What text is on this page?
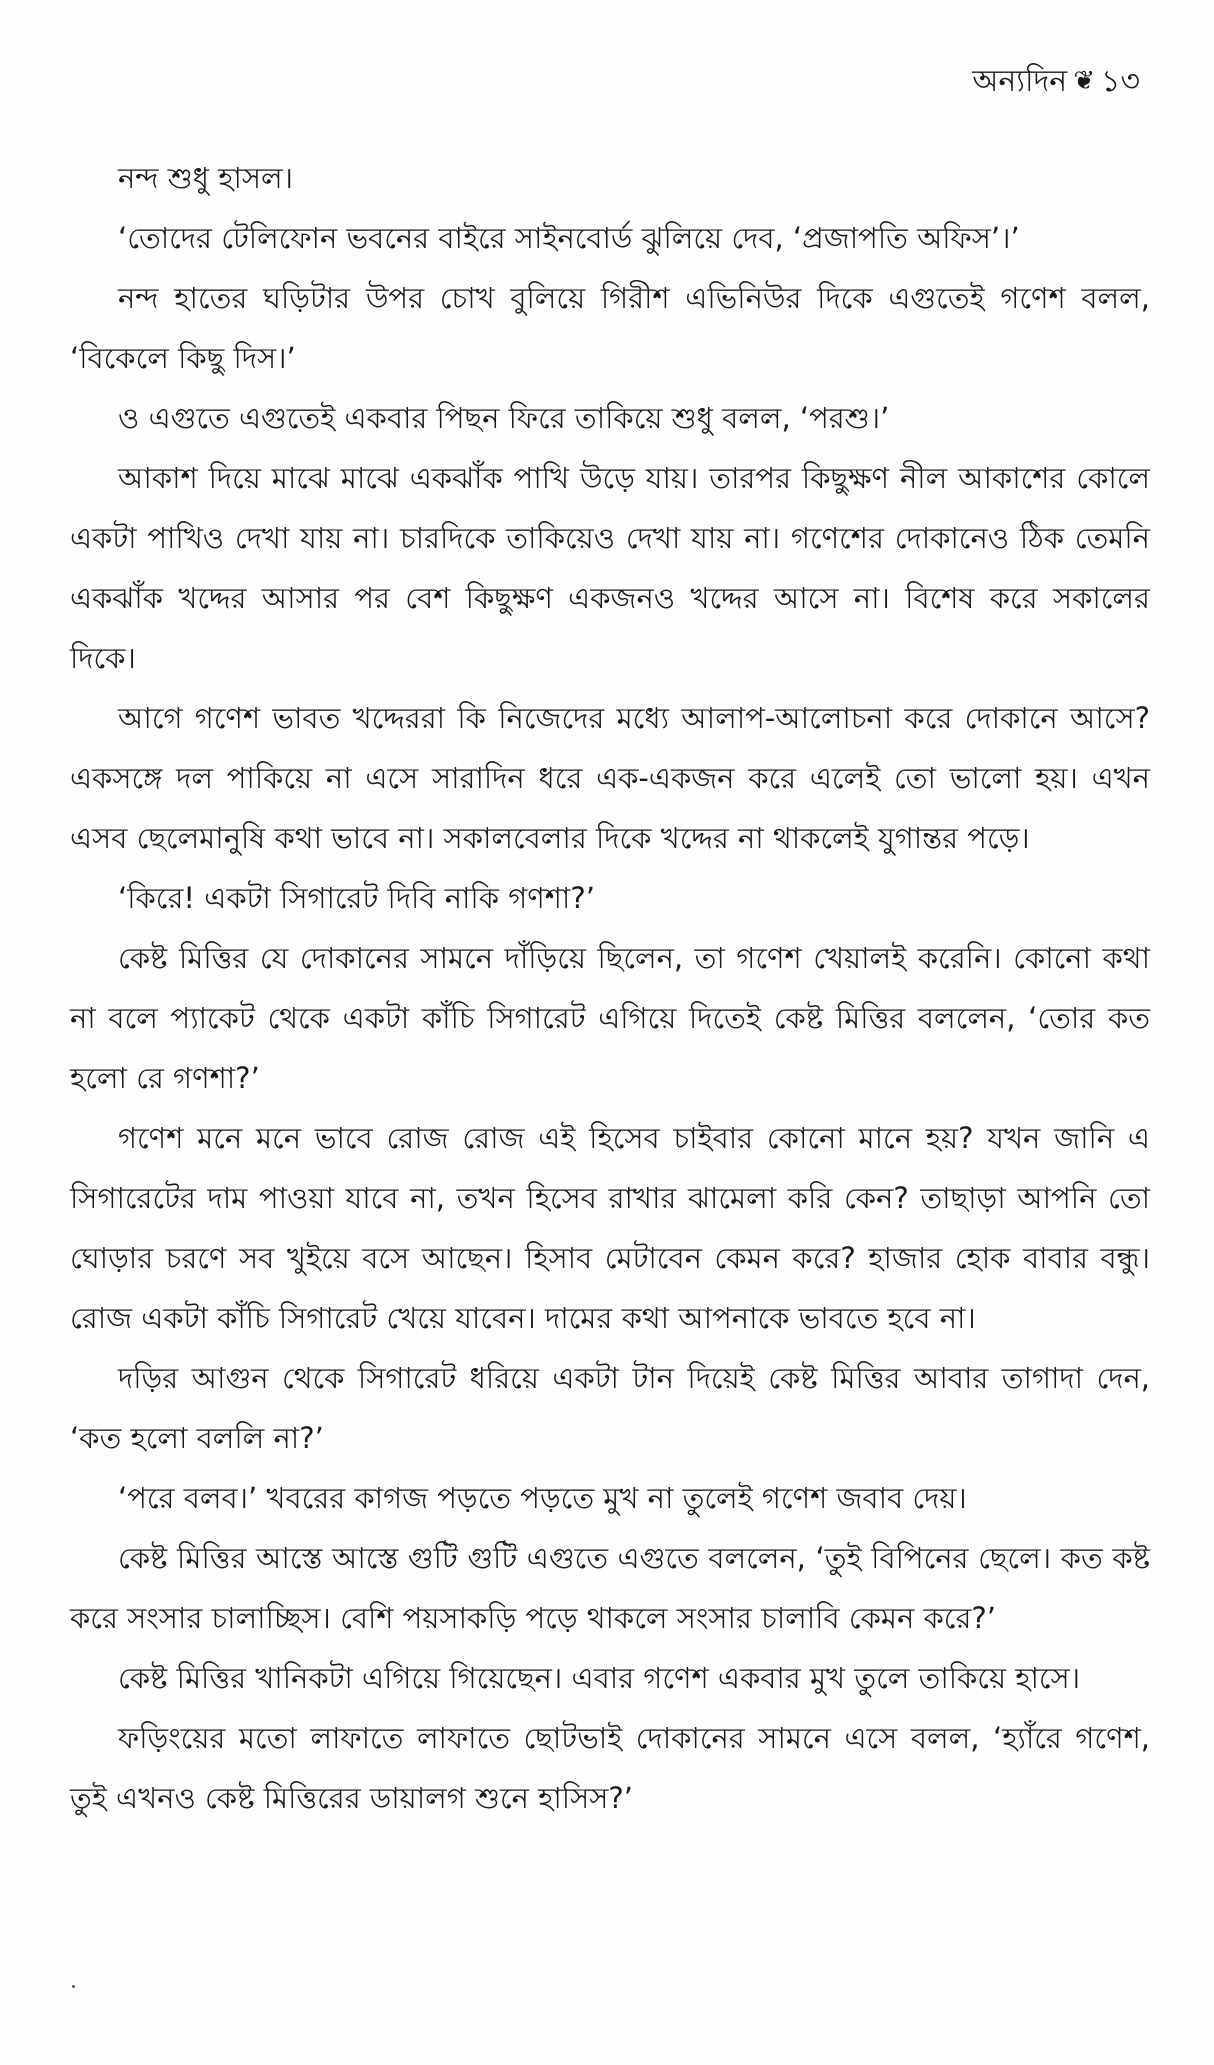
অন্যদিন ❦ ১৩

নন্দ শুধু হাসল।

‘তোদের টেলিফোন ভবনের বাইরে সাইনবোর্ড ঝুলিয়ে দেব, ‘প্রজাপতি অফিস’।’

নন্দ হাতের ঘড়িটার উপর চোখ বুলিয়ে গিরীশ এভিনিউর দিকে এগুতেই গণেশ বলল, ‘বিকেলে কিছু দিস।’

ও এগুতে এগুতেই একবার পিছন ফিরে তাকিয়ে শুধু বলল, ‘পরশু।’

আকাশ দিয়ে মাঝে মাঝে একঝাঁক পাখি উড়ে যায়। তারপর কিছুক্ষণ নীল আকাশের কোলে একটা পাখিও দেখা যায় না। চারদিকে তাকিয়েও দেখা যায় না। গণেশের দোকানেও ঠিক তেমনি একঝাঁক খদ্দের আসার পর বেশ কিছুক্ষণ একজনও খদ্দের আসে না। বিশেষ করে সকালের দিকে।

আগে গণেশ ভাবত খদ্দেররা কি নিজেদের মধ্যে আলাপ-আলোচনা করে দোকানে আসে? একসঙ্গে দল পাকিয়ে না এসে সারাদিন ধরে এক-একজন করে এলেই তো ভালো হয়। এখন এসব ছেলেমানুষি কথা ভাবে না। সকালবেলার দিকে খদ্দের না থাকলেই যুগান্তর পড়ে।

‘কিরে! একটা সিগারেট দিবি নাকি গণশা?’

কেষ্ট মিত্তির যে দোকানের সামনে দাঁড়িয়ে ছিলেন, তা গণেশ খেয়ালই করেনি। কোনো কথা না বলে প্যাকেট থেকে একটা কাঁচি সিগারেট এগিয়ে দিতেই কেষ্ট মিত্তির বললেন, ‘তোর কত হলো রে গণশা?’

গণেশ মনে মনে ভাবে রোজ রোজ এই হিসেব চাইবার কোনো মানে হয়? যখন জানি এ সিগারেটের দাম পাওয়া যাবে না, তখন হিসেব রাখার ঝামেলা করি কেন? তাছাড়া আপনি তো ঘোড়ার চরণে সব খুইয়ে বসে আছেন। হিসাব মেটাবেন কেমন করে? হাজার হোক বাবার বন্ধু। রোজ একটা কাঁচি সিগারেট খেয়ে যাবেন। দামের কথা আপনাকে ভাবতে হবে না।

দড়ির আগুন থেকে সিগারেট ধরিয়ে একটা টান দিয়েই কেষ্ট মিত্তির আবার তাগাদা দেন, ‘কত হলো বললি না?’

‘পরে বলব।’ খবরের কাগজ পড়তে পড়তে মুখ না তুলেই গণেশ জবাব দেয়।

কেষ্ট মিত্তির আস্তে আস্তে গুটি গুটি এগুতে এগুতে বললেন, ‘তুই বিপিনের ছেলে। কত কষ্ট করে সংসার চালাচ্ছিস। বেশি পয়সাকড়ি পড়ে থাকলে সংসার চালাবি কেমন করে?’

কেষ্ট মিত্তির খানিকটা এগিয়ে গিয়েছেন। এবার গণেশ একবার মুখ তুলে তাকিয়ে হাসে।

ফড়িংয়ের মতো লাফাতে লাফাতে ছোটভাই দোকানের সামনে এসে বলল, ‘হ্যাঁরে গণেশ, তুই এখনও কেষ্ট মিত্তিরের ডায়ালগ শুনে হাসিস?’
